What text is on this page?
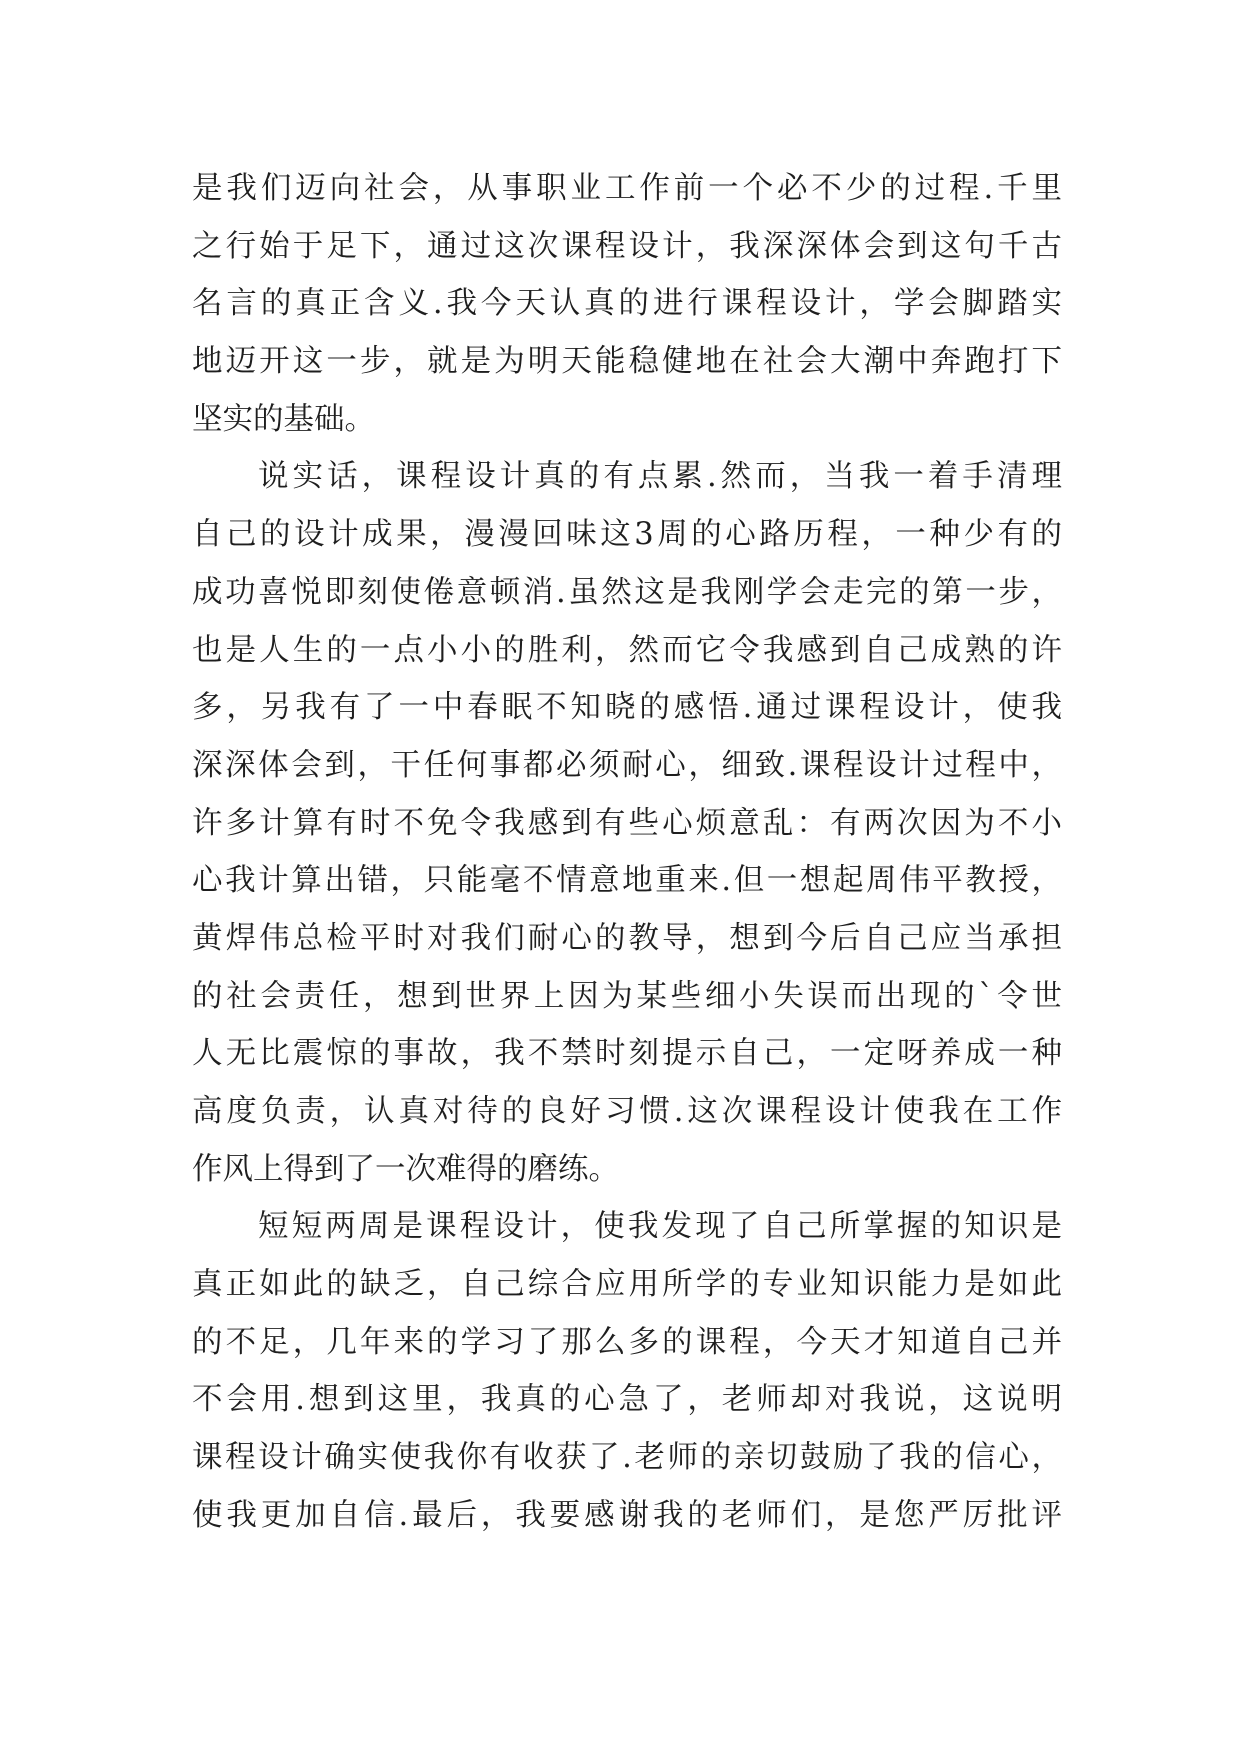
是我们迈向社会，从事职业工作前一个必不少的过程.千里
之行始于足下，通过这次课程设计，我深深体会到这句千古
名言的真正含义.我今天认真的进行课程设计，学会脚踏实
地迈开这一步，就是为明天能稳健地在社会大潮中奔跑打下
坚实的基础。
说实话，课程设计真的有点累.然而，当我一着手清理
自己的设计成果，漫漫回味这3周的心路历程，一种少有的
成功喜悦即刻使倦意顿消.虽然这是我刚学会走完的第一步，
也是人生的一点小小的胜利，然而它令我感到自己成熟的许
多，另我有了一中春眠不知晓的感悟.通过课程设计，使我
深深体会到，干任何事都必须耐心，细致.课程设计过程中，
许多计算有时不免令我感到有些心烦意乱：有两次因为不小
心我计算出错，只能毫不情意地重来.但一想起周伟平教授，
黄焊伟总检平时对我们耐心的教导，想到今后自己应当承担
的社会责任，想到世界上因为某些细小失误而出现的`令世
人无比震惊的事故，我不禁时刻提示自己，一定呀养成一种
高度负责，认真对待的良好习惯.这次课程设计使我在工作
作风上得到了一次难得的磨练。
短短两周是课程设计，使我发现了自己所掌握的知识是
真正如此的缺乏，自己综合应用所学的专业知识能力是如此
的不足，几年来的学习了那么多的课程，今天才知道自己并
不会用.想到这里，我真的心急了，老师却对我说，这说明
课程设计确实使我你有收获了.老师的亲切鼓励了我的信心，
使我更加自信.最后，我要感谢我的老师们，是您严厉批评
